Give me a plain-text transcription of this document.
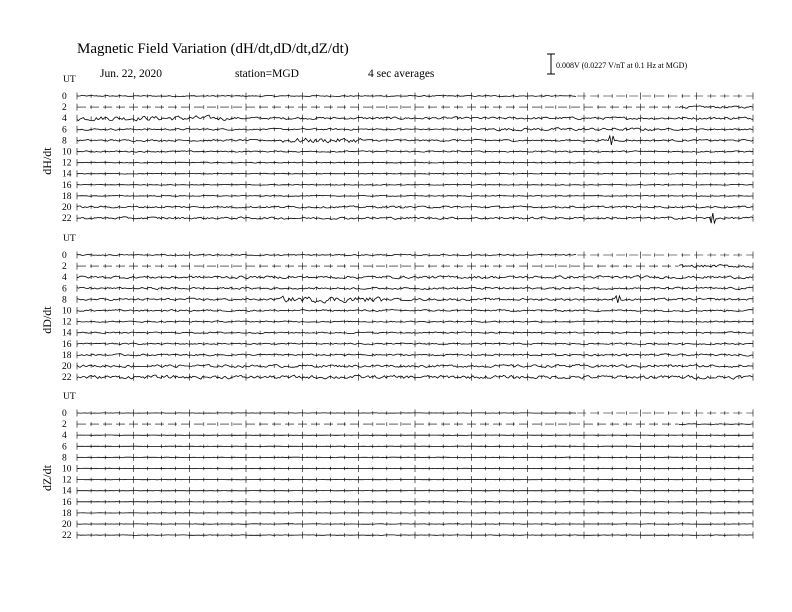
Magnetic Field Variation (dH/dt,dD/dt,dZ/dt)
Jun. 22, 2020	station=MGD	4 sec averages
0.008V (0.0227 V/nT at 0.1 Hz at MGD)
UT
dH/dt
0
2
4
6
8
10
12
14
16
18
20
22
UT
dD/dt
0
2
4
6
8
10
12
14
16
18
20
22
UT
dZ/dt
0
2
4
6
8
10
12
14
16
18
20
22
